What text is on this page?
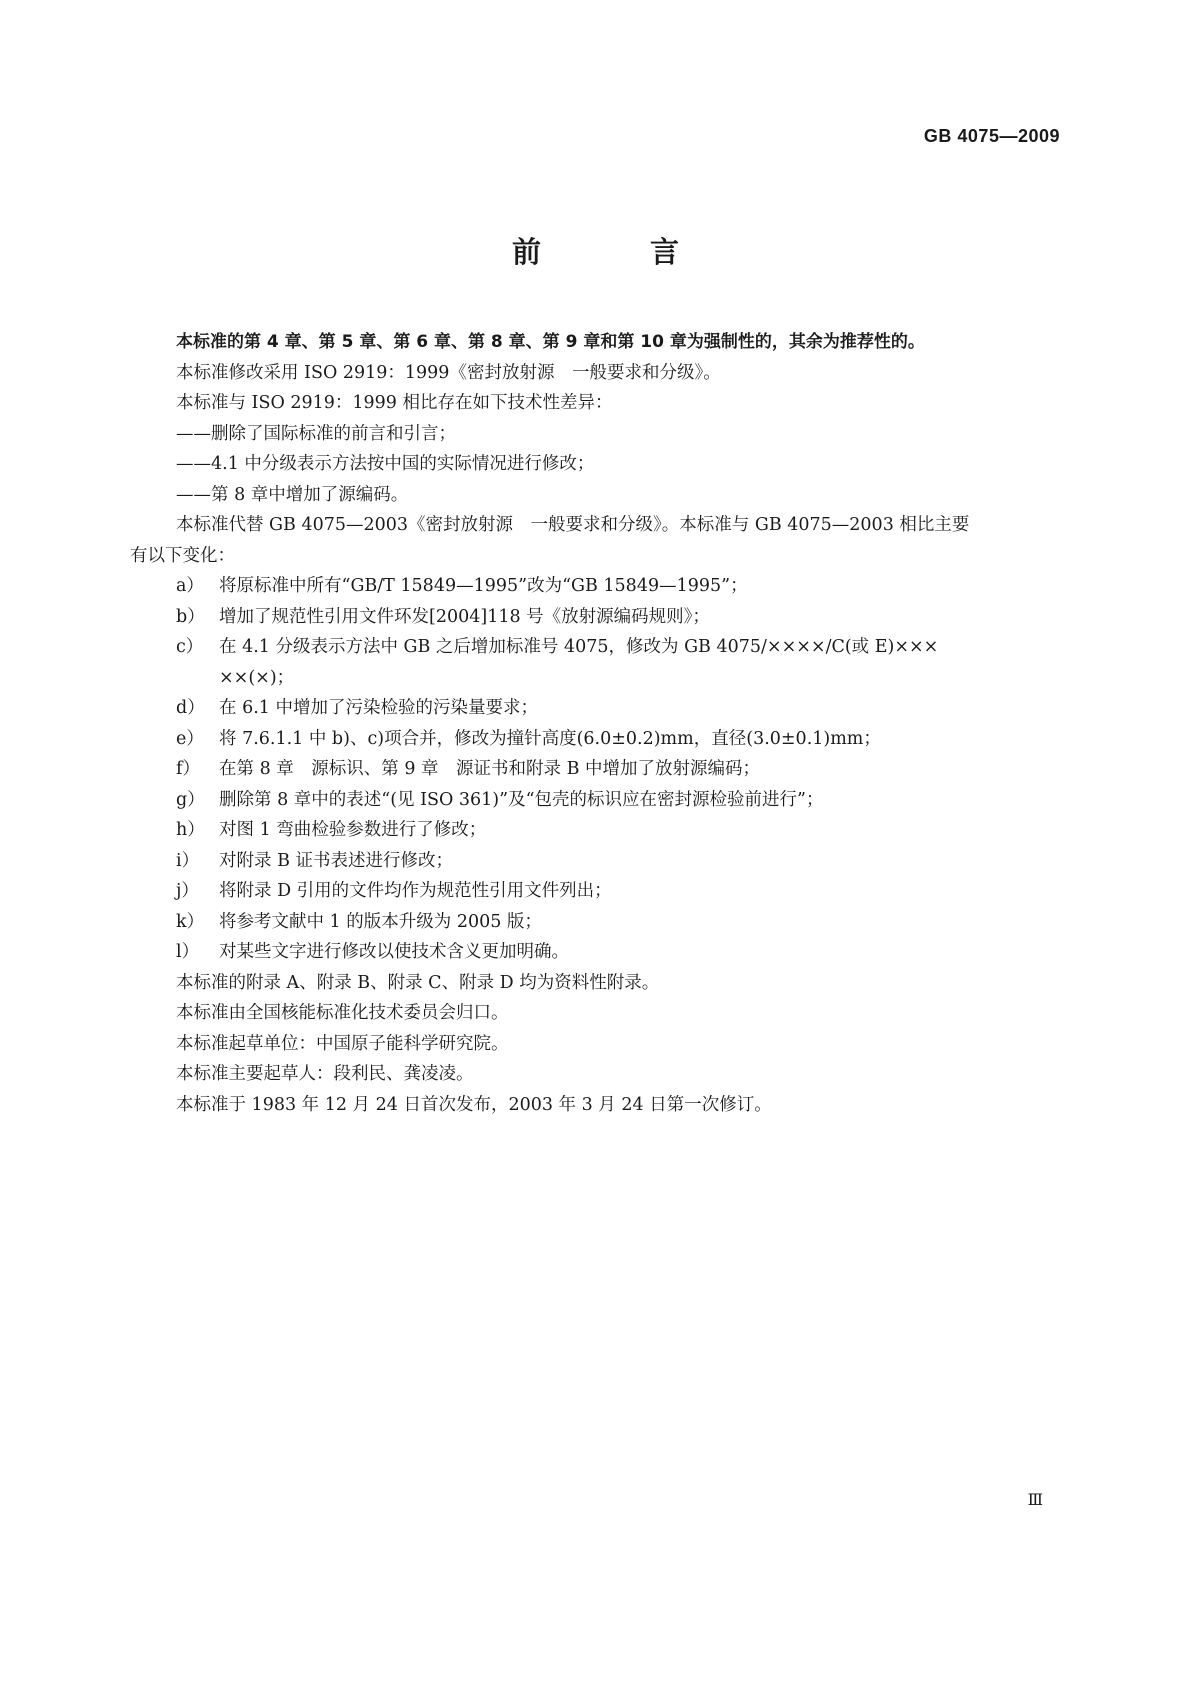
GB 4075—2009
前　言
本标准的第 4 章、第 5 章、第 6 章、第 8 章、第 9 章和第 10 章为强制性的，其余为推荐性的。
本标准修改采用 ISO 2919：1999《密封放射源　一般要求和分级》。
本标准与 ISO 2919：1999 相比存在如下技术性差异：
——删除了国际标准的前言和引言；
——4.1 中分级表示方法按中国的实际情况进行修改；
——第 8 章中增加了源编码。
本标准代替 GB 4075—2003《密封放射源　一般要求和分级》。本标准与 GB 4075—2003 相比主要
有以下变化：
a） 将原标准中所有“GB/T 15849—1995”改为“GB 15849—1995”；
b） 增加了规范性引用文件环发[2004]118 号《放射源编码规则》；
c） 在 4.1 分级表示方法中 GB 之后增加标准号 4075，修改为 GB 4075/××××/C(或 E)×××
××(×)；
d） 在 6.1 中增加了污染检验的污染量要求；
e） 将 7.6.1.1 中 b)、c)项合并，修改为撞针高度(6.0±0.2)mm，直径(3.0±0.1)mm；
f）	在第 8 章　源标识、第 9 章　源证书和附录 B 中增加了放射源编码；
g） 删除第 8 章中的表述“(见 ISO 361)”及“包壳的标识应在密封源检验前进行”；
h） 对图 1 弯曲检验参数进行了修改；
i）	对附录 B 证书表述进行修改；
j）	将附录 D 引用的文件均作为规范性引用文件列出；
k） 将参考文献中 1 的版本升级为 2005 版；
l）	对某些文字进行修改以使技术含义更加明确。
本标准的附录 A、附录 B、附录 C、附录 D 均为资料性附录。
本标准由全国核能标准化技术委员会归口。
本标准起草单位：中国原子能科学研究院。
本标准主要起草人：段利民、龚凌凌。
本标准于 1983 年 12 月 24 日首次发布，2003 年 3 月 24 日第一次修订。
Ⅲ
